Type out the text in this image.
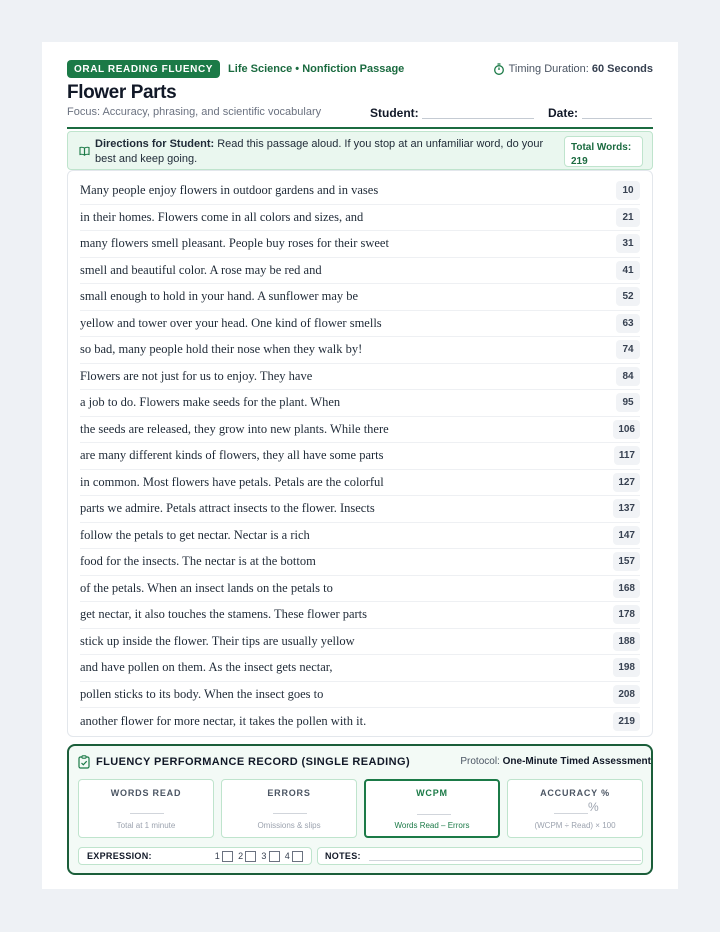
ORAL READING FLUENCY	Life Science • Nonfiction Passage	Timing Duration: 60 Seconds
Flower Parts
Focus: Accuracy, phrasing, and scientific vocabulary	Student:	Date:
Directions for Student: Read this passage aloud. If you stop at an unfamiliar word, do your best and keep going.
Total Words:
219
Many people enjoy flowers in outdoor gardens and in vases	10
in their homes. Flowers come in all colors and sizes, and	21
many flowers smell pleasant. People buy roses for their sweet	31
smell and beautiful color. A rose may be red and	41
small enough to hold in your hand. A sunflower may be	52
yellow and tower over your head. One kind of flower smells	63
so bad, many people hold their nose when they walk by!	74
Flowers are not just for us to enjoy. They have	84
a job to do. Flowers make seeds for the plant. When	95
the seeds are released, they grow into new plants. While there	106
are many different kinds of flowers, they all have some parts	117
in common. Most flowers have petals. Petals are the colorful	127
parts we admire. Petals attract insects to the flower. Insects	137
follow the petals to get nectar. Nectar is a rich	147
food for the insects. The nectar is at the bottom	157
of the petals. When an insect lands on the petals to	168
get nectar, it also touches the stamens. These flower parts	178
stick up inside the flower. Their tips are usually yellow	188
and have pollen on them. As the insect gets nectar,	198
pollen sticks to its body. When the insect goes to	208
another flower for more nectar, it takes the pollen with it.	219
FLUENCY PERFORMANCE RECORD (SINGLE READING)	Protocol: One-Minute Timed Assessment
WORDS READ
Total at 1 minute
ERRORS
Omissions & slips
WCPM
Words Read – Errors
ACCURACY %
%
(WCPM ÷ Read) × 100
EXPRESSION:	1 2 3 4	NOTES:
